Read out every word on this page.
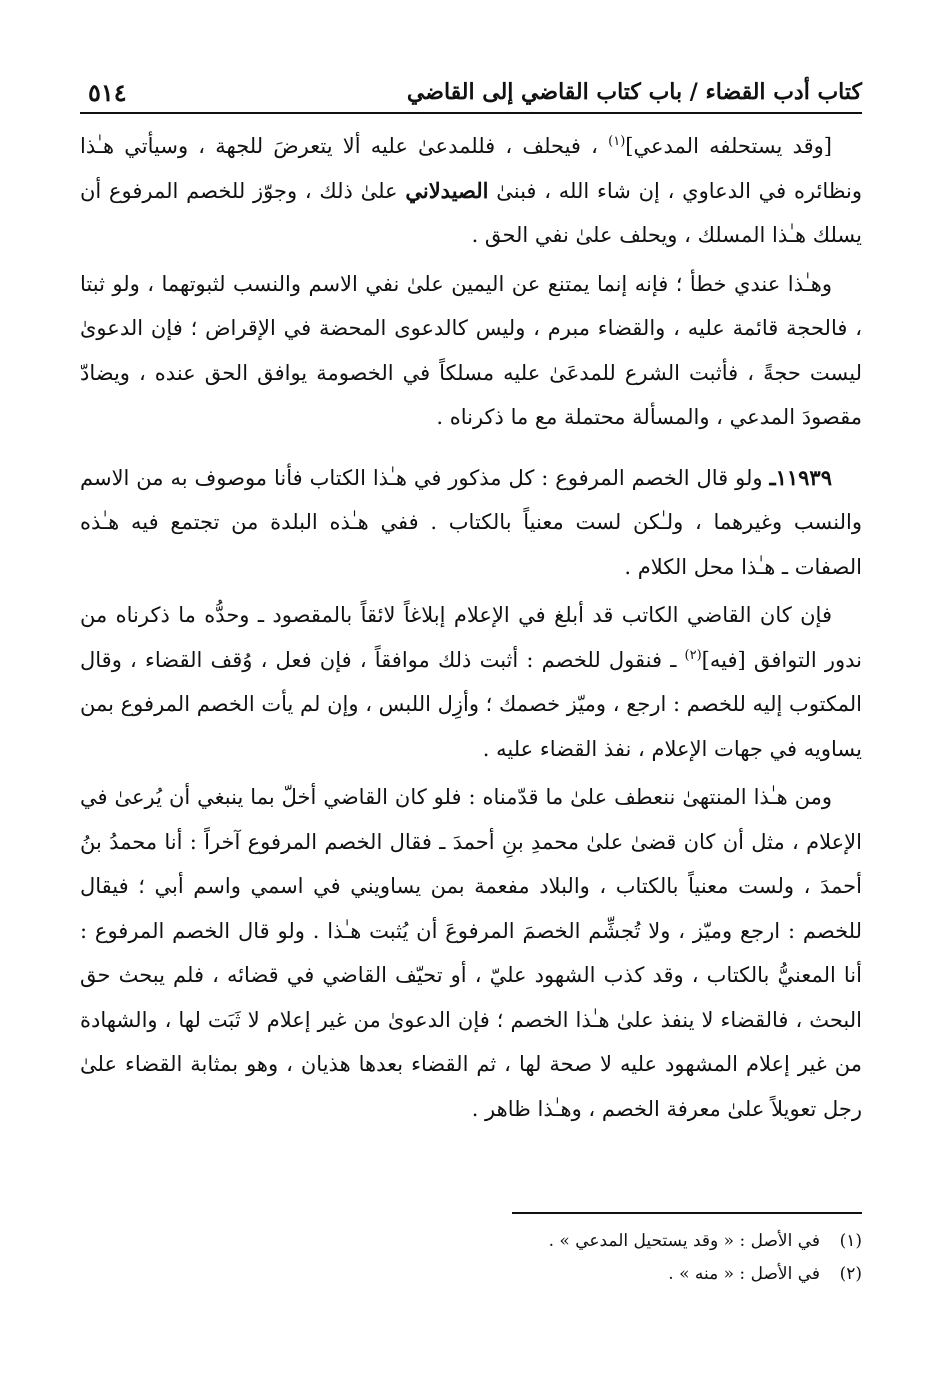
كتاب أدب القضاء / باب كتاب القاضي إلى القاضي
٥١٤

[وقد يستحلفه المدعي]$^{(١)}$ ، فيحلف ، فللمدعىٰ عليه ألا يتعرضَ للجهة ، وسيأتي هـٰذا ونظائره في الدعاوي ، إن شاء الله ، فبنىٰ الصيدلاني علىٰ ذلك ، وجوّز للخصم المرفوع أن يسلك هـٰذا المسلك ، ويحلف علىٰ نفي الحق .

وهـٰذا عندي خطأ ؛ فإنه إنما يمتنع عن اليمين علىٰ نفي الاسم والنسب لثبوتهما ، ولو ثبتا ، فالحجة قائمة عليه ، والقضاء مبرم ، وليس كالدعوى المحضة في الإقراض ؛ فإن الدعوىٰ ليست حجةً ، فأثبت الشرع للمدعَىٰ عليه مسلكاً في الخصومة يوافق الحق عنده ، ويضادّ مقصودَ المدعي ، والمسألة محتملة مع ما ذكرناه .

١١٩٣٩ـ ولو قال الخصم المرفوع : كل مذكور في هـٰذا الكتاب فأنا موصوف به من الاسم والنسب وغيرهما ، ولـٰكن لست معنياً بالكتاب . ففي هـٰذه البلدة من تجتمع فيه هـٰذه الصفات ـ هـٰذا محل الكلام .

فإن كان القاضي الكاتب قد أبلغ في الإعلام إبلاغاً لائقاً بالمقصود ـ وحدُّه ما ذكرناه من ندور التوافق [فيه]$^{(٢)}$ ـ فنقول للخصم : أثبت ذلك موافقاً ، فإن فعل ، وُقف القضاء ، وقال المكتوب إليه للخصم : ارجع ، وميّز خصمك ؛ وأزِل اللبس ، وإن لم يأت الخصم المرفوع بمن يساويه في جهات الإعلام ، نفذ القضاء عليه .

ومن هـٰذا المنتهىٰ ننعطف علىٰ ما قدّمناه : فلو كان القاضي أخلّ بما ينبغي أن يُرعىٰ في الإعلام ، مثل أن كان قضىٰ علىٰ محمدِ بنِ أحمدَ ـ فقال الخصم المرفوع آخراً : أنا محمدُ بنُ أحمدَ ، ولست معنياً بالكتاب ، والبلاد مفعمة بمن يساويني في اسمي واسم أبي ؛ فيقال للخصم : ارجع وميّز ، ولا تُجشِّم الخصمَ المرفوعَ أن يُثبت هـٰذا . ولو قال الخصم المرفوع : أنا المعنيُّ بالكتاب ، وقد كذب الشهود عليّ ، أو تحيّف القاضي في قضائه ، فلم يبحث حق البحث ، فالقضاء لا ينفذ علىٰ هـٰذا الخصم ؛ فإن الدعوىٰ من غير إعلام لا ثَبَت لها ، والشهادة من غير إعلام المشهود عليه لا صحة لها ، ثم القضاء بعدها هذيان ، وهو بمثابة القضاء علىٰ رجل تعويلاً علىٰ معرفة الخصم ، وهـٰذا ظاهر .

(١)
في الأصل : « وقد يستحيل المدعي » .
(٢)
في الأصل : « منه » .
